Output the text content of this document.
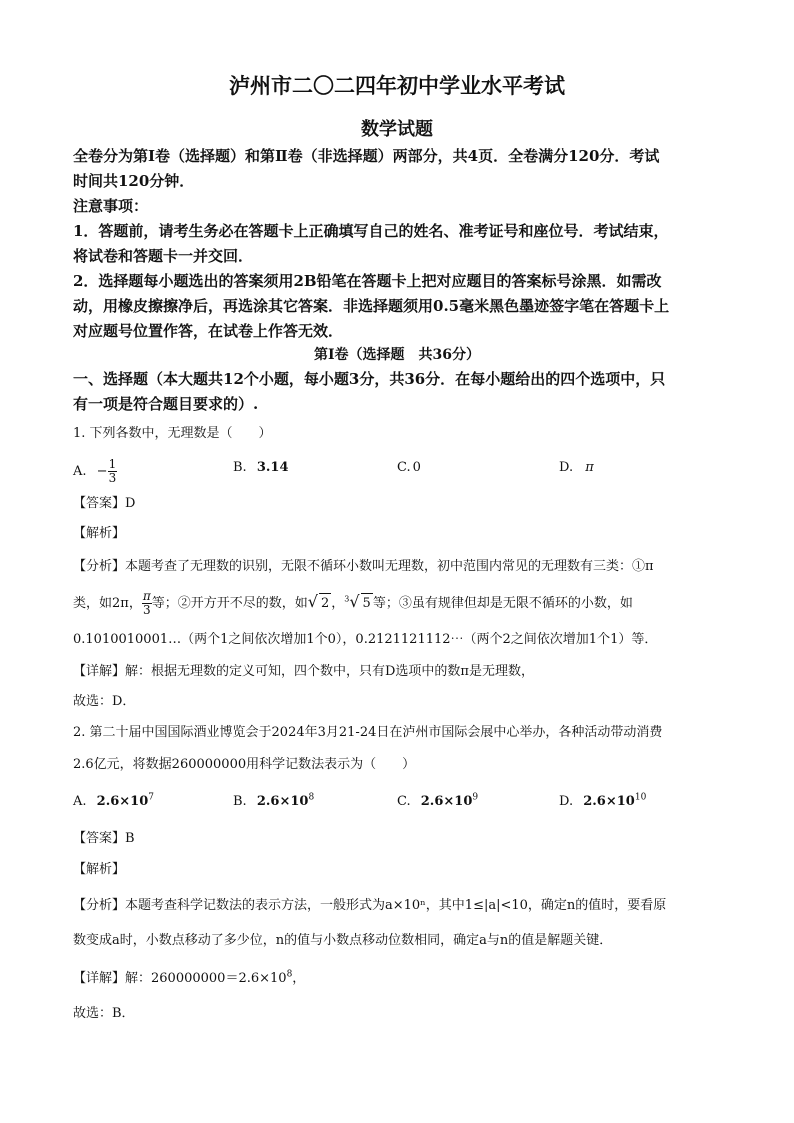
泸州市二〇二四年初中学业水平考试
数学试题
全卷分为第Ⅰ卷（选择题）和第Ⅱ卷（非选择题）两部分，共4页．全卷满分120分．考试
时间共120分钟．
注意事项：
1．答题前，请考生务必在答题卡上正确填写自己的姓名、准考证号和座位号．考试结束，
将试卷和答题卡一并交回．
2．选择题每小题选出的答案须用2B铅笔在答题卡上把对应题目的答案标号涂黑．如需改
动，用橡皮擦擦净后，再选涂其它答案．非选择题须用0.5毫米黑色墨迹签字笔在答题卡上
对应题号位置作答，在试卷上作答无效．
第Ⅰ卷（选择题　共36分）
一、选择题（本大题共12个小题，每小题3分，共36分．在每小题给出的四个选项中，只
有一项是符合题目要求的）.
1. 下列各数中，无理数是（　　）
A. − $\frac{1}{3}$	B. 3.14	C. 0	D. π
【答案】D
【解析】
【分析】本题考查了无理数的识别，无限不循环小数叫无理数，初中范围内常见的无理数有三类：①π
类，如2π， $\frac{\pi}{3}$ 等；②开方开不尽的数，如√ 2 ，$^3$√ 5 等；③虽有规律但却是无限不循环的小数，如
0.1010010001…（两个1之间依次增加1个0），0.2121121112⋯（两个2之间依次增加1个1）等．
【详解】解：根据无理数的定义可知，四个数中，只有D选项中的数π是无理数，
故选：D．
2. 第二十届中国国际酒业博览会于2024年3月21-24日在泸州市国际会展中心举办，各种活动带动消费
2.6亿元，将数据260000000用科学记数法表示为（　　）
A. $2.6\times 10^7$	B. $2.6\times 10^8$	C. $2.6\times 10^9$	D. $2.6\times 10^{10}$
【答案】B
【解析】
【分析】本题考查科学记数法的表示方法，一般形式为a×10ⁿ，其中1≤|a|<10，确定n的值时，要看原
数变成a时，小数点移动了多少位，n的值与小数点移动位数相同，确定a与n的值是解题关键．
【详解】解：$260000000=2.6\times 10^8$，
故选：B．
